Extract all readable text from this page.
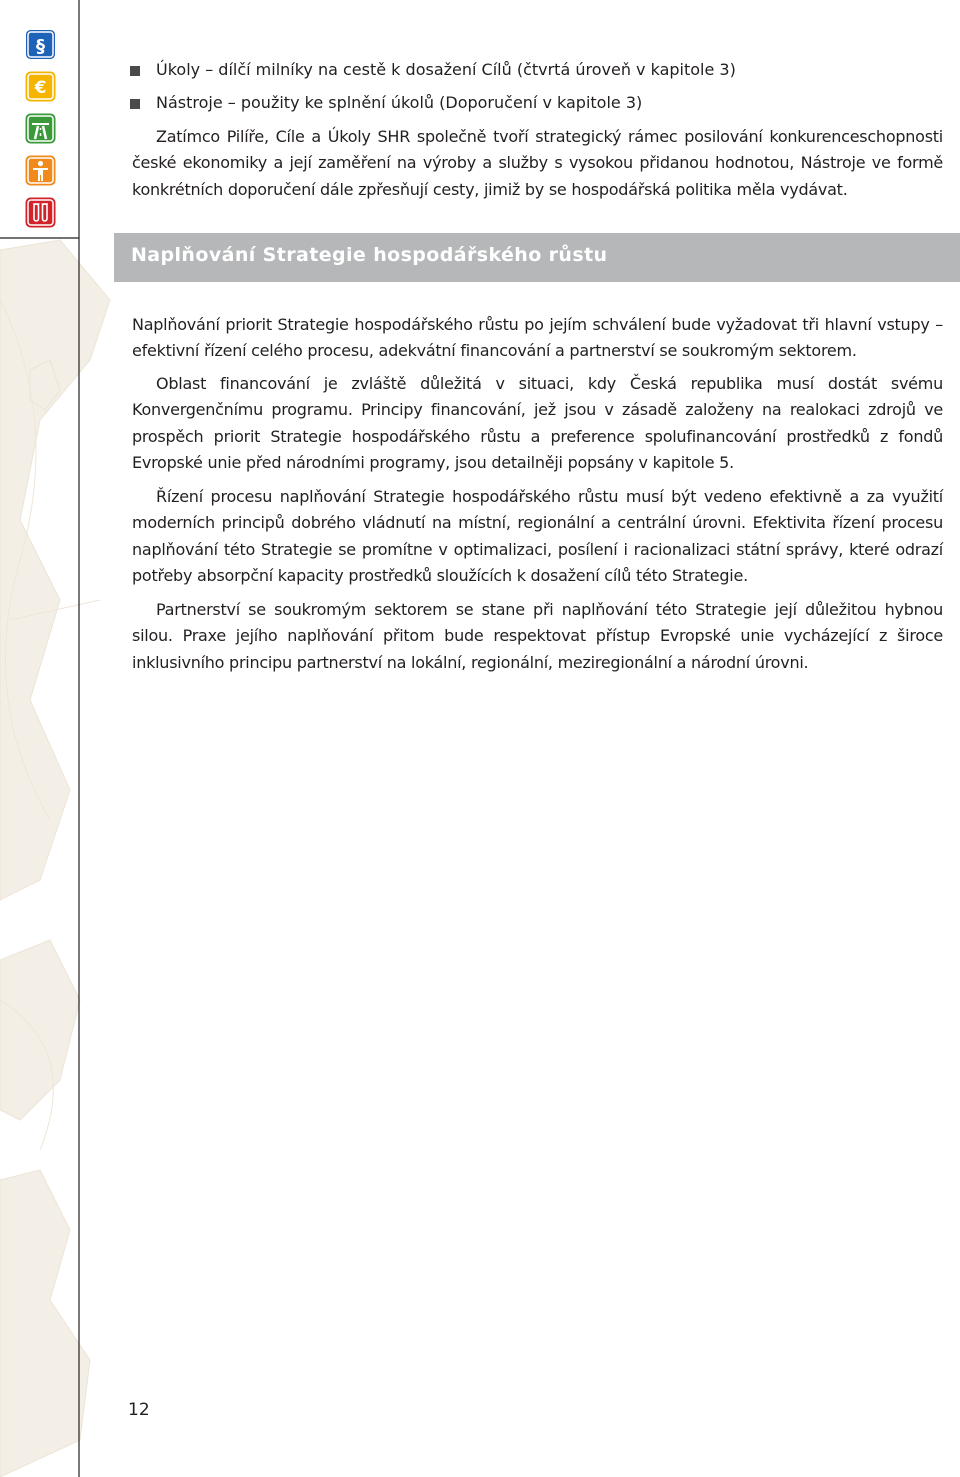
§
€
Úkoly – dílčí milníky na cestě k dosažení Cílů (čtvrtá úroveň v kapitole 3)
Nástroje – použity ke splnění úkolů (Doporučení v kapitole 3)

Zatímco Pilíře, Cíle a Úkoly SHR společně tvoří strategický rámec posilování konkurenceschopnosti české ekonomiky a její zaměření na výroby a služby s vysokou přidanou hodnotou, Nástroje ve formě konkrétních doporučení dále zpřesňují cesty, jimiž by se hospodářská politika měla vydávat.

Naplňování Strategie hospodářského růstu

Naplňování priorit Strategie hospodářského růstu po jejím schválení bude vyžadovat tři hlavní vstupy – efektivní řízení celého procesu, adekvátní financování a partnerství se soukromým sektorem.

Oblast financování je zvláště důležitá v situaci, kdy Česká republika musí dostát svému Konvergenčnímu programu. Principy financování, jež jsou v zásadě založeny na realokaci zdrojů ve prospěch priorit Strategie hospodářského růstu a preference spolufinancování prostředků z fondů Evropské unie před národními programy, jsou detailněji popsány v kapitole 5.

Řízení procesu naplňování Strategie hospodářského růstu musí být vedeno efektivně a za využití moderních principů dobrého vládnutí na místní, regionální a centrální úrovni. Efektivita řízení procesu naplňování této Strategie se promítne v optimalizaci, posílení i racionalizaci státní správy, které odrazí potřeby absorpční kapacity prostředků sloužících k dosažení cílů této Strategie.

Partnerství se soukromým sektorem se stane při naplňování této Strategie její důležitou hybnou silou. Praxe jejího naplňování přitom bude respektovat přístup Evropské unie vycházející z široce inklusivního principu partnerství na lokální, regionální, meziregionální a národní úrovni.

12
